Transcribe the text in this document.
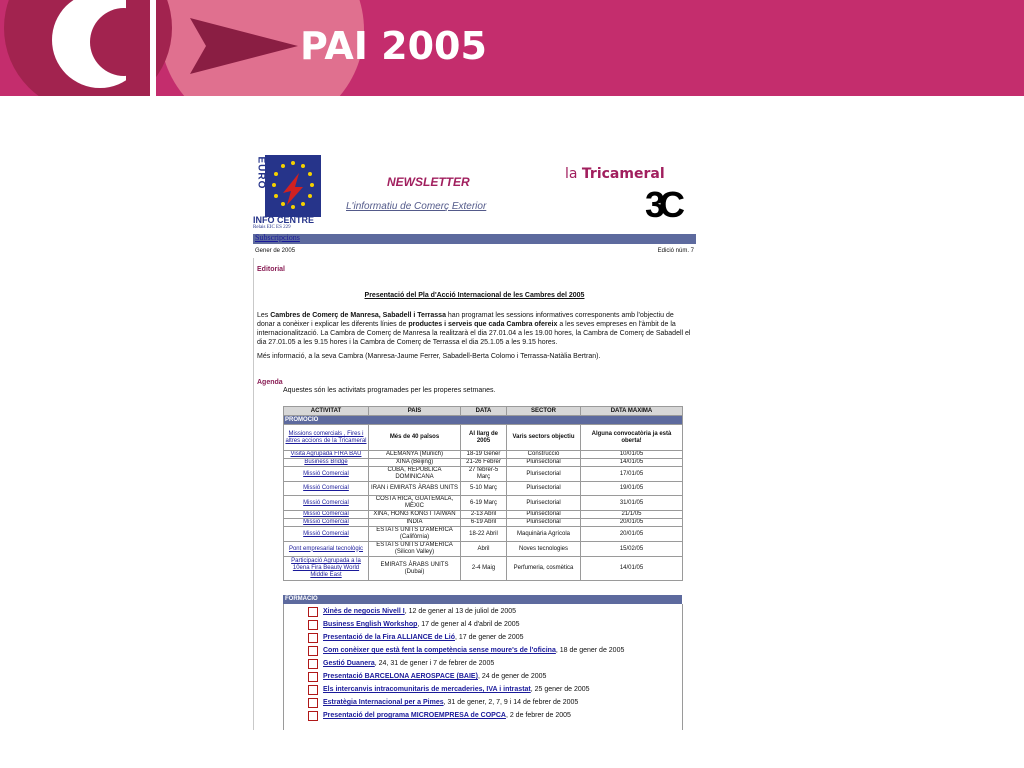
PAI 2005
EURO
INFO CENTRE
Relais EIC ES 229
NEWSLETTER
L'informatiu de Comerç Exterior
la Tricameral
3C
Subscripcions
Gener de 2005	Edició núm. 7
Editorial
Presentació del Pla d'Acció Internacional de les Cambres del 2005
Les Cambres de Comerç de Manresa, Sabadell i Terrassa han programat les sessions informatives corresponents amb l'objectiu de donar a conèixer i explicar les diferents línies de productes i serveis que cada Cambra ofereix a les seves empreses en l'àmbit de la internacionalització. La Cambra de Comerç de Manresa la realitzarà el dia 27.01.04 a les 19.00 hores, la Cambra de Comerç de Sabadell el dia 27.01.05 a les 9.15 hores i la Cambra de Comerç de Terrassa el dia 25.1.05 a les 9.15 hores.
Més informació, a la seva Cambra (Manresa-Jaume Ferrer, Sabadell-Berta Colomo i Terrassa-Natàlia Bertran).
Agenda
Aquestes són les activitats programades per les properes setmanes.
ACTIVITAT	PAÍS	DATA	SECTOR	DATA MÀXIMA
PROMOCIÓ				
Missions comercials , Fires i altres accions de la Tricameral	Més de 40 països	Al llarg de 2005	Varis sectors objectiu	Alguna convocatòria ja està oberta!
Visita Agrupada FIRA BAU	ALEMANYA (Munich)	18-19 Gener	Construcció	10/01/05
Business Bridge	XINA (Beijing)	21-26 Febrer	Plurisectorial	14/01/05
Missió Comercial	CUBA, REPÚBLICA DOMINICANA	27 febrer-5 Març	Plurisectorial	17/01/05
Missió Comercial	IRAN i EMIRATS ÀRABS UNITS	5-10 Març	Plurisectorial	19/01/05
Missió Comercial	COSTA RICA, GUATEMALA, MÈXIC	6-19 Març	Plurisectorial	31/01/05
Missió Comercial	XINA, HONG KONG I TAIWAN	2-13 Abril	Plurisectorial	21/1/05
Missió Comercial	ÍNDIA	6-19 Abril	Plurisectorial	20/01/05
Missió Comercial	ESTATS UNITS D'AMÈRICA (Califòrnia)	18-22 Abril	Maquinària Agrícola	20/01/05
Pont empresarial tecnològic	ESTATS UNITS D'AMÈRICA (Silicon Valley)	Abril	Noves tecnologies	15/02/05
Participació Agrupada a la 10ena Fira Beauty World Middle East	EMIRATS ÀRABS UNITS (Dubai)	2-4 Maig	Perfumeria, cosmètica	14/01/05
FORMACIÓ
Xinès de negocis Nivell I, 12 de gener al 13 de juliol de 2005
Business English Workshop, 17 de gener al 4 d'abril de 2005
Presentació de la Fira ALLIANCE de Lió, 17 de gener de 2005
Com conèixer que està fent la competència sense moure's de l'oficina, 18 de gener de 2005
Gestió Duanera, 24, 31 de gener i 7 de febrer de 2005
Presentació BARCELONA AEROSPACE (BAIE), 24 de gener de 2005
Els intercanvis intracomunitaris de mercaderies, IVA i intrastat, 25 gener de 2005
Estratègia Internacional per a Pimes, 31 de gener, 2, 7, 9 i 14 de febrer de 2005
Presentació del programa MICROEMPRESA de COPCA, 2 de febrer de 2005
